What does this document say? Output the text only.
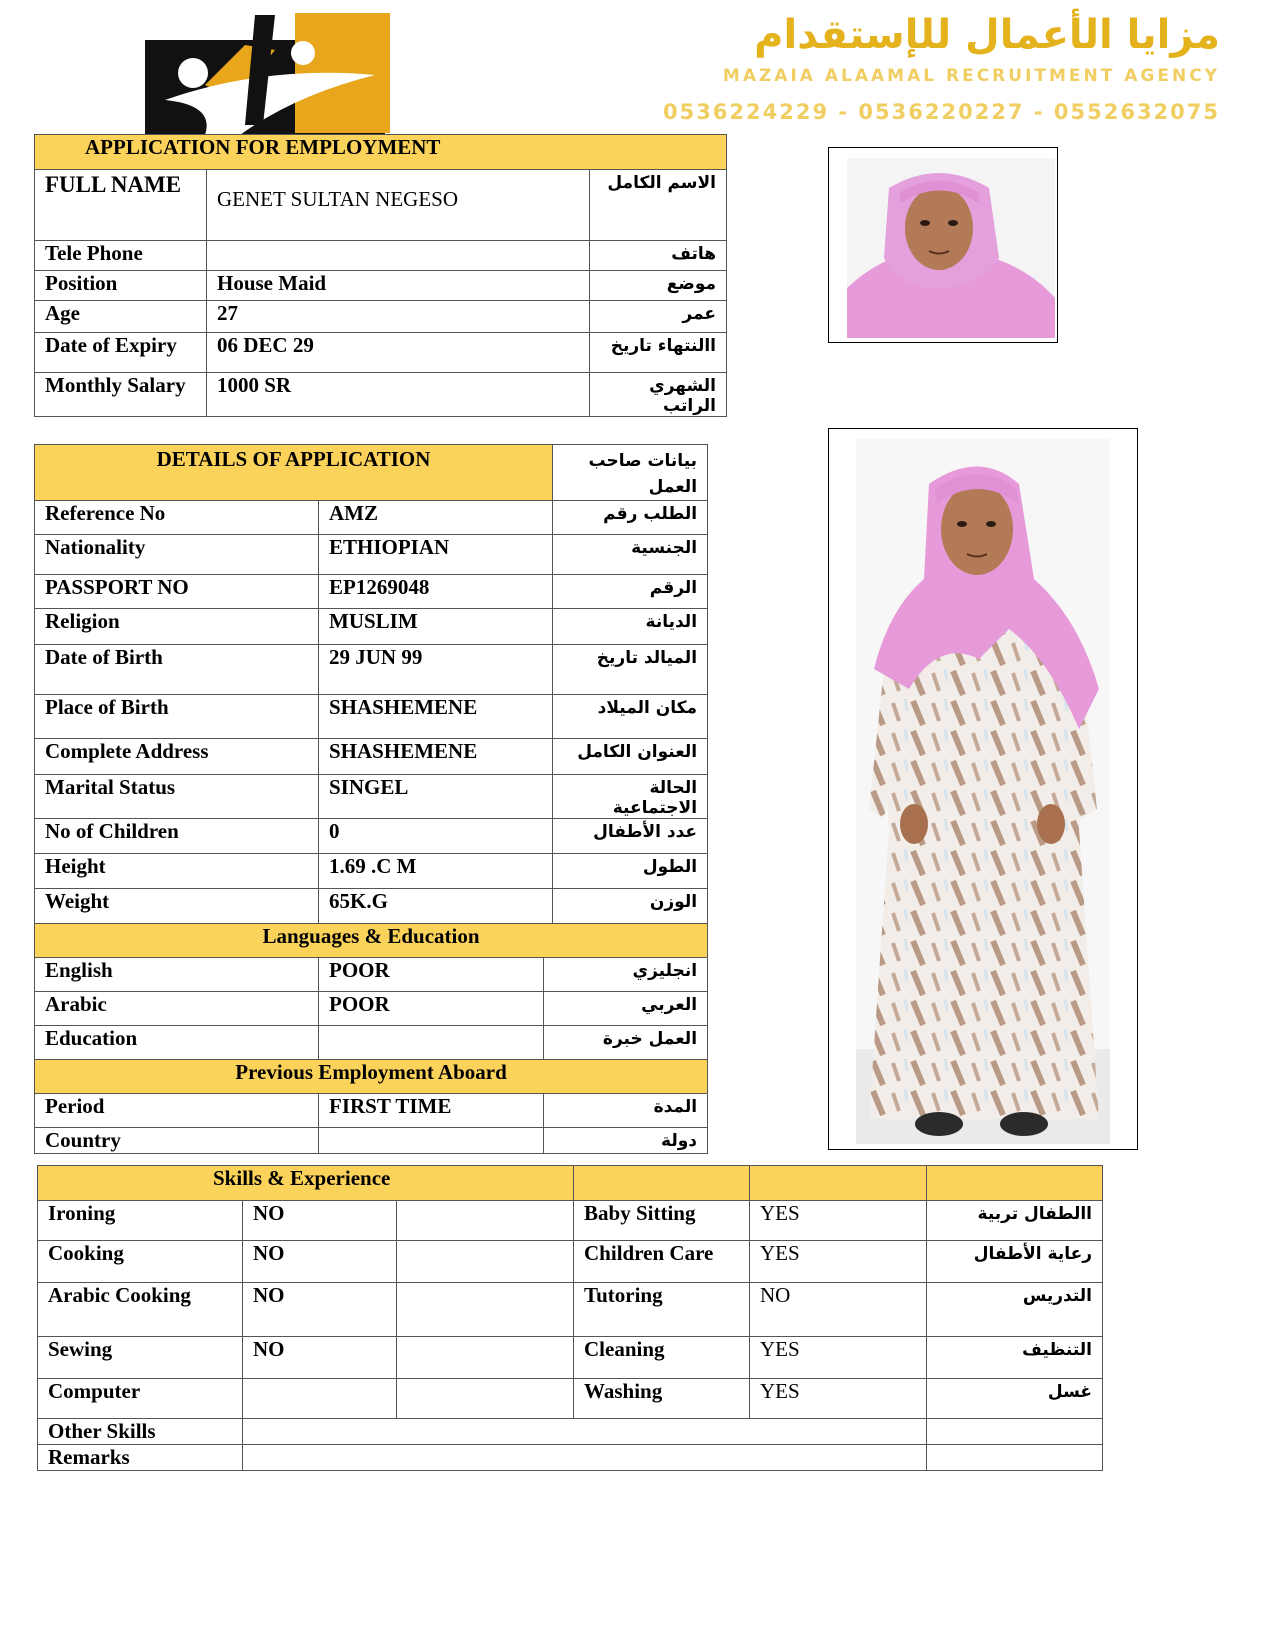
مزايا الأعمال للإستقدام
MAZAIA ALAAMAL RECRUITMENT AGENCY
0536224229 - 0536220227 - 0552632075
APPLICATION FOR EMPLOYMENT		
FULL NAME	GENET SULTAN NEGESO	الاسم الكامل
Tele Phone		هاتف
Position	House Maid	موضع
Age	27	عمر
Date of Expiry	06 DEC 29	االنتهاء تاريخ
Monthly Salary	1000 SR	الشهري الراتب
DETAILS OF APPLICATION			بيانات صاحب العمل
Reference No	AMZ		الطلب رقم
Nationality	ETHIOPIAN		الجنسية
PASSPORT NO	EP1269048		الرقم
Religion	MUSLIM		الديانة
Date of Birth	29 JUN 99		الميالد تاريخ
Place of Birth	SHASHEMENE		مكان الميلاد
Complete Address	SHASHEMENE		العنوان الكامل
Marital Status	SINGEL		الحالة الاجتماعية
No of Children	0		عدد الأطفال
Height	1.69 .C M		الطول
Weight	65K.G		الوزن
Languages & Education			
English	POOR	انجليزي	
Arabic	POOR	العربي	
Education		العمل خبرة	
Previous Employment Aboard			
Period	FIRST TIME	المدة	
Country		دولة	
Skills & Experience					
Ironing	NO		Baby Sitting	YES	االطفال تربية
Cooking	NO		Children Care	YES	رعاية الأطفال
Arabic Cooking	NO		Tutoring	NO	التدريس
Sewing	NO		Cleaning	YES	التنظيف
Computer			Washing	YES	غسل
Other Skills					
Remarks					
